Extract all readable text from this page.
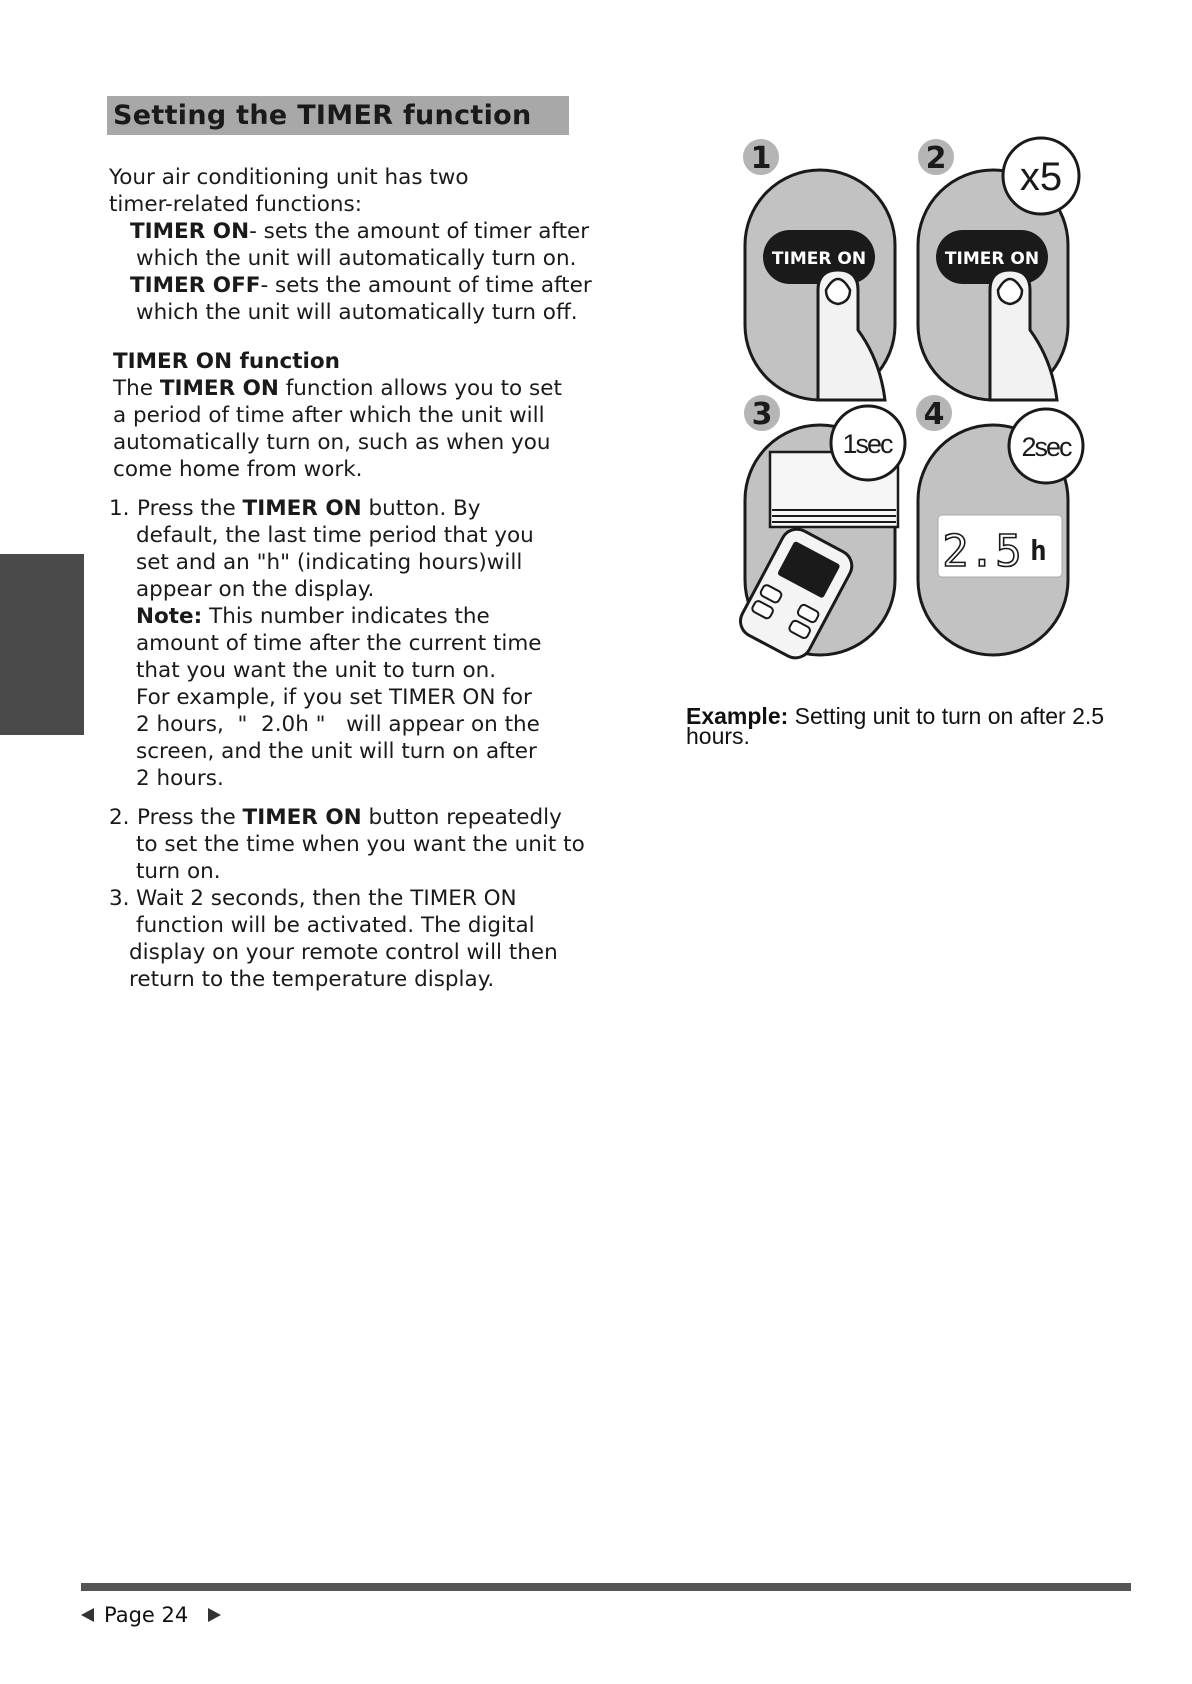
Setting the TIMER function
Your air conditioning unit has two
timer-related functions:
TIMER ON- sets the amount of timer after
which the unit will automatically turn on.
TIMER OFF- sets the amount of time after
which the unit will automatically turn off.
TIMER ON function
The TIMER ON function allows you to set
a period of time after which the unit will
automatically turn on, such as when you
come home from work.
1. Press the TIMER ON button. By
default, the last time period that you
set and an "h" (indicating hours)will
appear on the display.
Note: This number indicates the
amount of time after the current time
that you want the unit to turn on.
For example, if you set TIMER ON for
2 hours,  "  2.0h "   will appear on the
screen, and the unit will turn on after
2 hours.
2. Press the TIMER ON button repeatedly
to set the time when you want the unit to
turn on.
3. Wait 2 seconds, then the TIMER ON
function will be activated. The digital
display on your remote control will then
return to the temperature display.
TIMER ON
1
TIMER ON
2 x5
3
1sec
2.5 h
4
2sec
Example: Setting unit to turn on after 2.5
hours.
Page 24
